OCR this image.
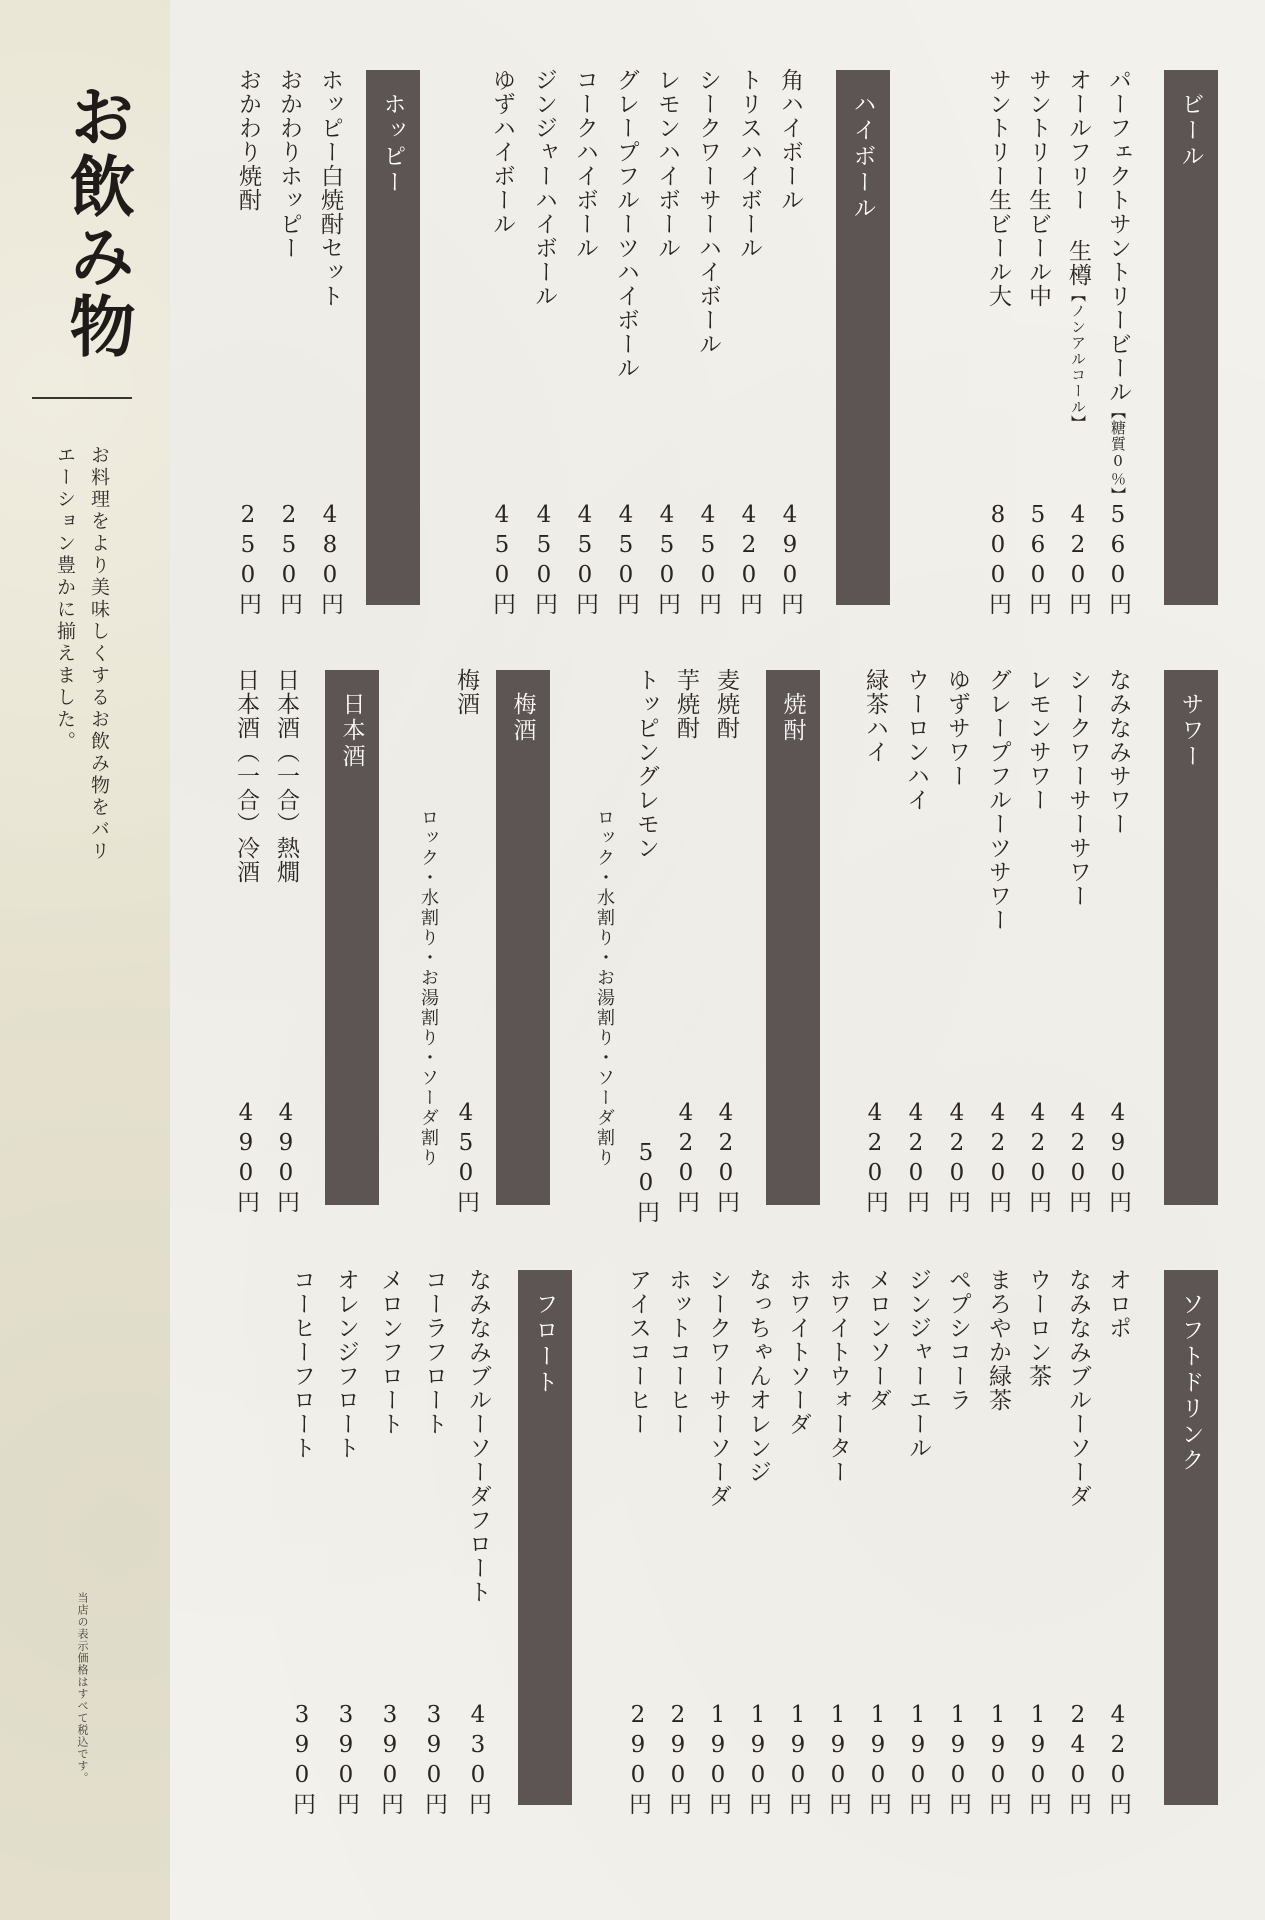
お飲み物
お料理をより美味しくするお飲み物をバリエーション豊かに揃えました。
当店の表示価格はすべて税込です。
ビール
ハイボール
ホッピー
サワー
焼酎
梅酒
日本酒
ソフトドリンク
フロート
パーフェクトサントリービール【糖質0％】
560円
オールフリー 生樽【ノンアルコール】
420円
サントリー生ビール中
560円
サントリー生ビール大
800円
角ハイボール
490円
トリスハイボール
420円
シークワーサーハイボール
450円
レモンハイボール
450円
グレープフルーツハイボール
450円
コークハイボール
450円
ジンジャーハイボール
450円
ゆずハイボール
450円
ホッピー白焼酎セット
480円
おかわりホッピー
250円
おかわり焼酎
250円
なみなみサワー
490円
シークワーサーサワー
420円
レモンサワー
420円
グレープフルーツサワー
420円
ゆずサワー
420円
ウーロンハイ
420円
緑茶ハイ
420円
麦焼酎
420円
芋焼酎
420円
トッピングレモン
50円
ロック・水割り・お湯割り・ソーダ割り
梅酒
450円
ロック・水割り・お湯割り・ソーダ割り
日本酒（一合）熱燗
490円
日本酒（一合）冷酒
490円
オロポ
420円
なみなみブルーソーダ
240円
ウーロン茶
190円
まろやか緑茶
190円
ペプシコーラ
190円
ジンジャーエール
190円
メロンソーダ
190円
ホワイトウォーター
190円
ホワイトソーダ
190円
なっちゃんオレンジ
190円
シークワーサーソーダ
190円
ホットコーヒー
290円
アイスコーヒー
290円
なみなみブルーソーダフロート
430円
コーラフロート
390円
メロンフロート
390円
オレンジフロート
390円
コーヒーフロート
390円
